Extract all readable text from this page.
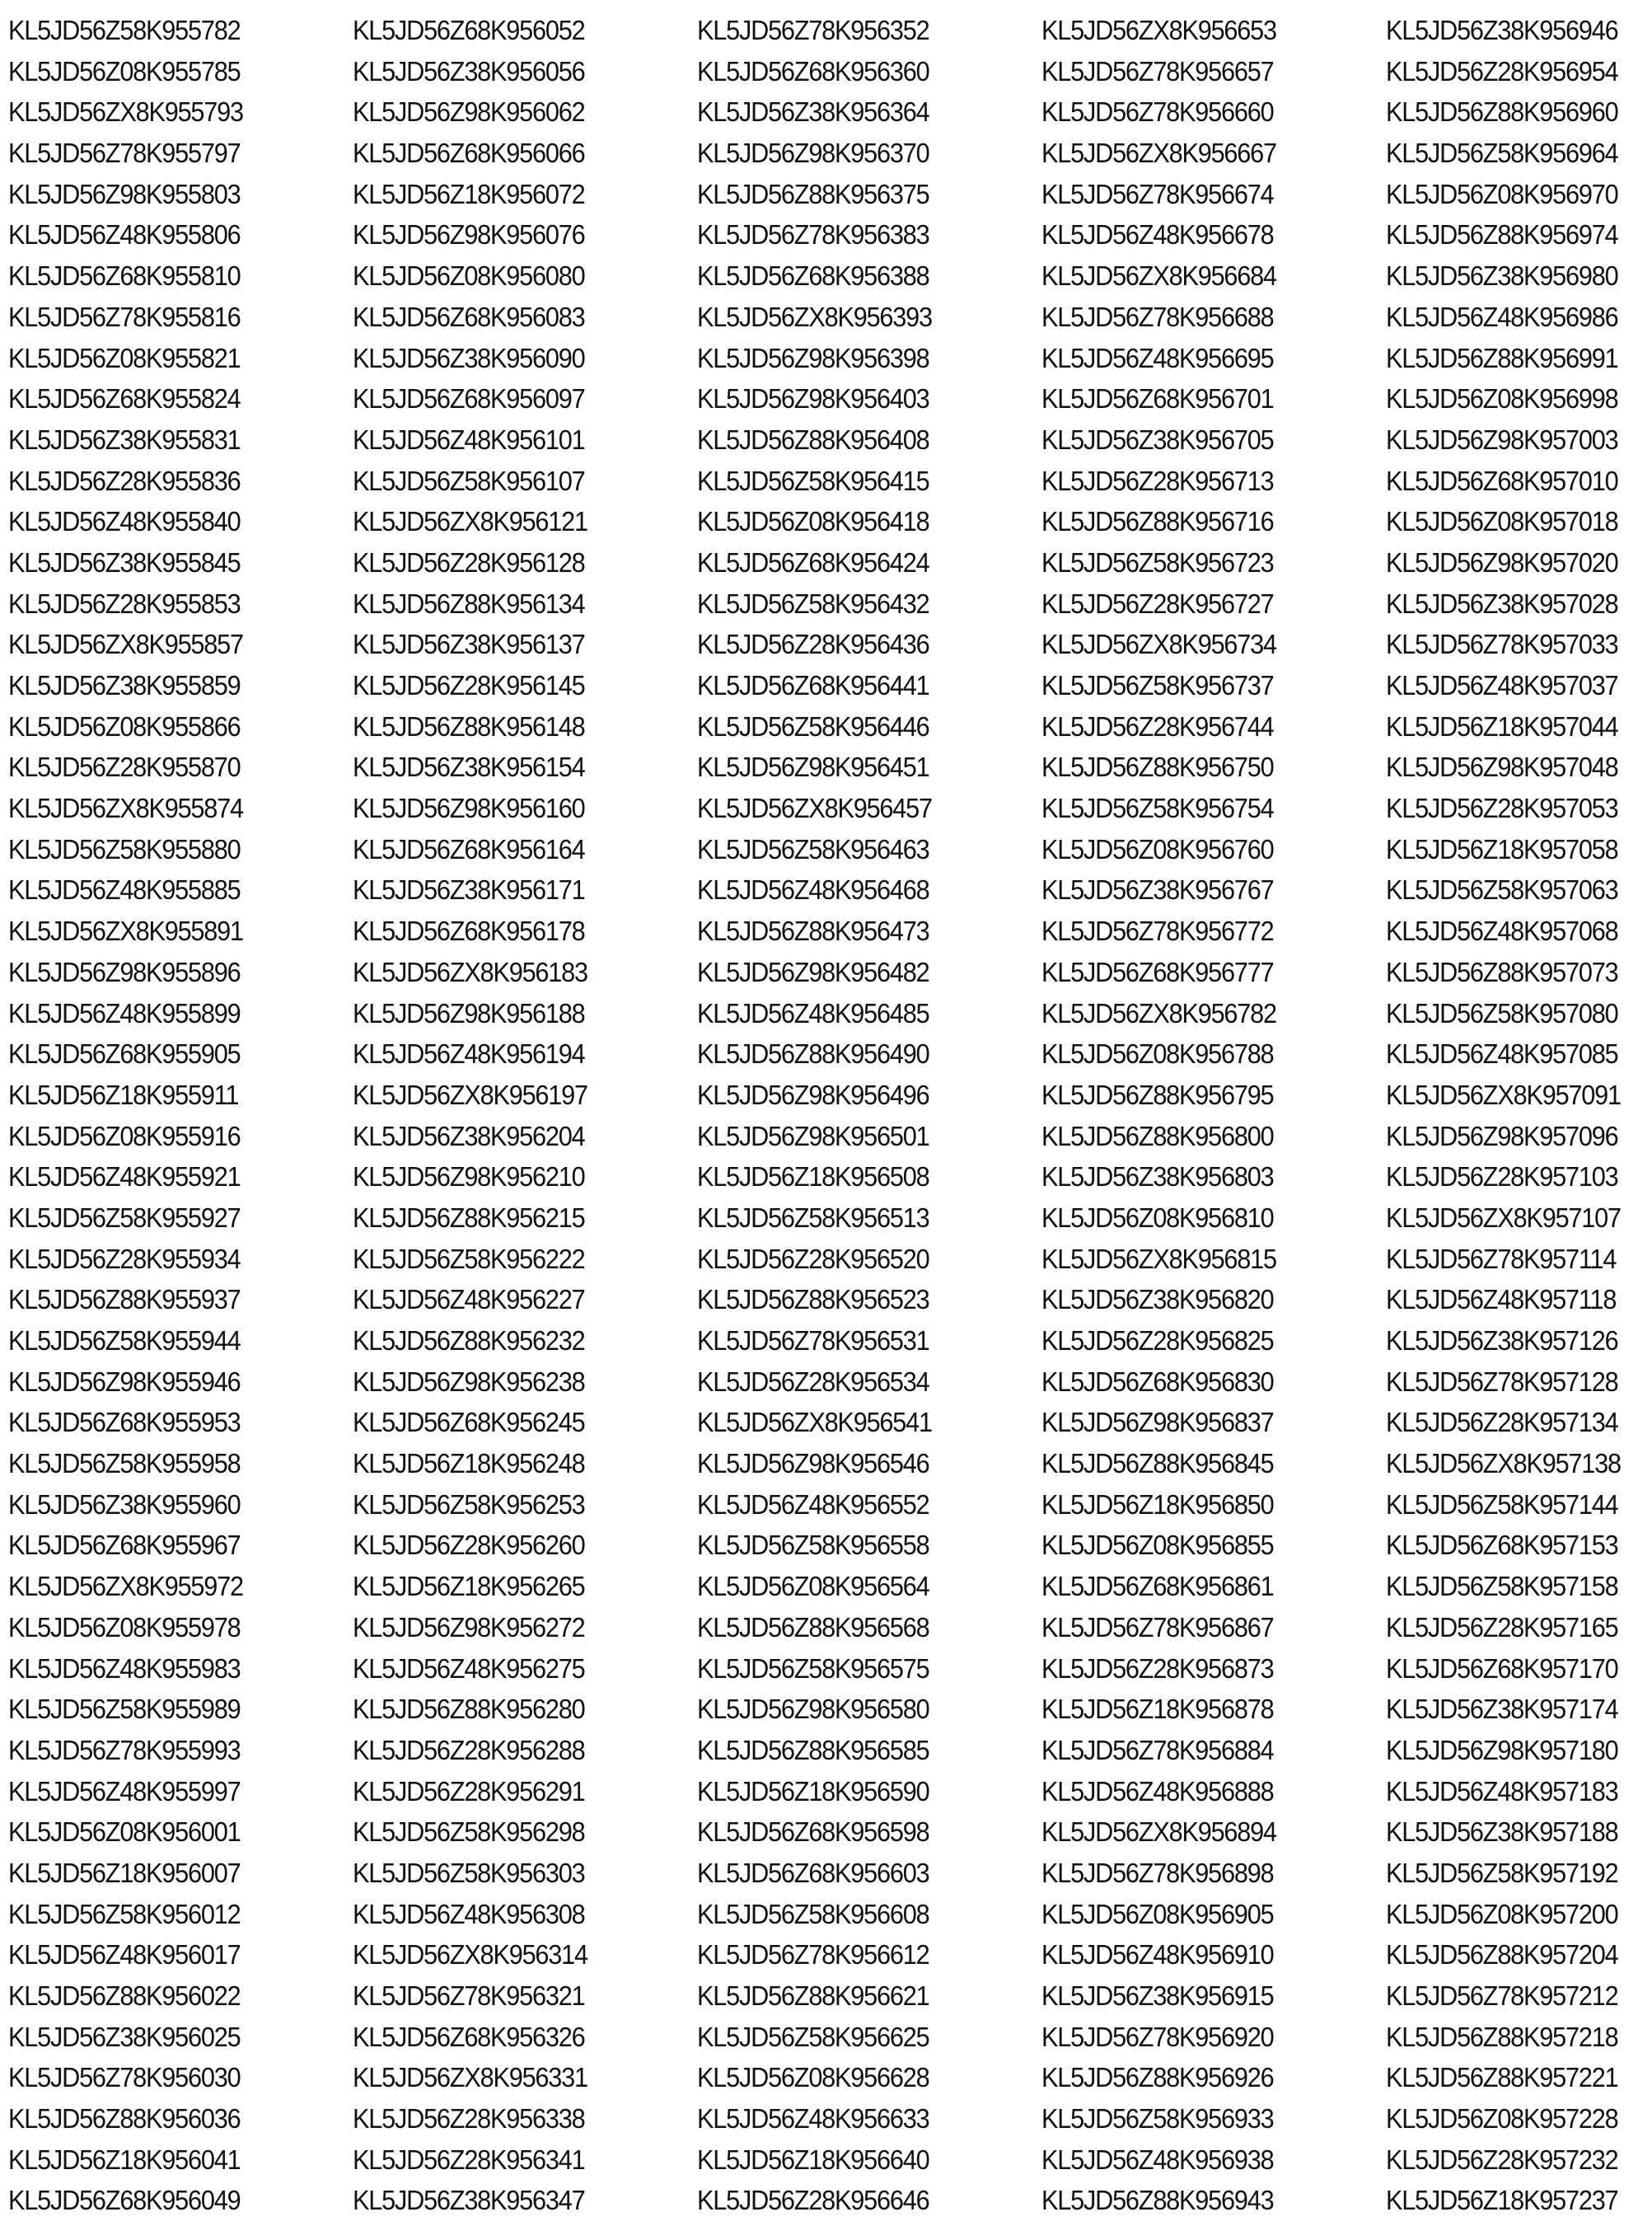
KL5JD56Z58K955782
KL5JD56Z08K955785
KL5JD56ZX8K955793
KL5JD56Z78K955797
KL5JD56Z98K955803
KL5JD56Z48K955806
KL5JD56Z68K955810
KL5JD56Z78K955816
KL5JD56Z08K955821
KL5JD56Z68K955824
KL5JD56Z38K955831
KL5JD56Z28K955836
KL5JD56Z48K955840
KL5JD56Z38K955845
KL5JD56Z28K955853
KL5JD56ZX8K955857
KL5JD56Z38K955859
KL5JD56Z08K955866
KL5JD56Z28K955870
KL5JD56ZX8K955874
KL5JD56Z58K955880
KL5JD56Z48K955885
KL5JD56ZX8K955891
KL5JD56Z98K955896
KL5JD56Z48K955899
KL5JD56Z68K955905
KL5JD56Z18K955911
KL5JD56Z08K955916
KL5JD56Z48K955921
KL5JD56Z58K955927
KL5JD56Z28K955934
KL5JD56Z88K955937
KL5JD56Z58K955944
KL5JD56Z98K955946
KL5JD56Z68K955953
KL5JD56Z58K955958
KL5JD56Z38K955960
KL5JD56Z68K955967
KL5JD56ZX8K955972
KL5JD56Z08K955978
KL5JD56Z48K955983
KL5JD56Z58K955989
KL5JD56Z78K955993
KL5JD56Z48K955997
KL5JD56Z08K956001
KL5JD56Z18K956007
KL5JD56Z58K956012
KL5JD56Z48K956017
KL5JD56Z88K956022
KL5JD56Z38K956025
KL5JD56Z78K956030
KL5JD56Z88K956036
KL5JD56Z18K956041
KL5JD56Z68K956049
KL5JD56Z68K956052
KL5JD56Z38K956056
KL5JD56Z98K956062
KL5JD56Z68K956066
KL5JD56Z18K956072
KL5JD56Z98K956076
KL5JD56Z08K956080
KL5JD56Z68K956083
KL5JD56Z38K956090
KL5JD56Z68K956097
KL5JD56Z48K956101
KL5JD56Z58K956107
KL5JD56ZX8K956121
KL5JD56Z28K956128
KL5JD56Z88K956134
KL5JD56Z38K956137
KL5JD56Z28K956145
KL5JD56Z88K956148
KL5JD56Z38K956154
KL5JD56Z98K956160
KL5JD56Z68K956164
KL5JD56Z38K956171
KL5JD56Z68K956178
KL5JD56ZX8K956183
KL5JD56Z98K956188
KL5JD56Z48K956194
KL5JD56ZX8K956197
KL5JD56Z38K956204
KL5JD56Z98K956210
KL5JD56Z88K956215
KL5JD56Z58K956222
KL5JD56Z48K956227
KL5JD56Z88K956232
KL5JD56Z98K956238
KL5JD56Z68K956245
KL5JD56Z18K956248
KL5JD56Z58K956253
KL5JD56Z28K956260
KL5JD56Z18K956265
KL5JD56Z98K956272
KL5JD56Z48K956275
KL5JD56Z88K956280
KL5JD56Z28K956288
KL5JD56Z28K956291
KL5JD56Z58K956298
KL5JD56Z58K956303
KL5JD56Z48K956308
KL5JD56ZX8K956314
KL5JD56Z78K956321
KL5JD56Z68K956326
KL5JD56ZX8K956331
KL5JD56Z28K956338
KL5JD56Z28K956341
KL5JD56Z38K956347
KL5JD56Z78K956352
KL5JD56Z68K956360
KL5JD56Z38K956364
KL5JD56Z98K956370
KL5JD56Z88K956375
KL5JD56Z78K956383
KL5JD56Z68K956388
KL5JD56ZX8K956393
KL5JD56Z98K956398
KL5JD56Z98K956403
KL5JD56Z88K956408
KL5JD56Z58K956415
KL5JD56Z08K956418
KL5JD56Z68K956424
KL5JD56Z58K956432
KL5JD56Z28K956436
KL5JD56Z68K956441
KL5JD56Z58K956446
KL5JD56Z98K956451
KL5JD56ZX8K956457
KL5JD56Z58K956463
KL5JD56Z48K956468
KL5JD56Z88K956473
KL5JD56Z98K956482
KL5JD56Z48K956485
KL5JD56Z88K956490
KL5JD56Z98K956496
KL5JD56Z98K956501
KL5JD56Z18K956508
KL5JD56Z58K956513
KL5JD56Z28K956520
KL5JD56Z88K956523
KL5JD56Z78K956531
KL5JD56Z28K956534
KL5JD56ZX8K956541
KL5JD56Z98K956546
KL5JD56Z48K956552
KL5JD56Z58K956558
KL5JD56Z08K956564
KL5JD56Z88K956568
KL5JD56Z58K956575
KL5JD56Z98K956580
KL5JD56Z88K956585
KL5JD56Z18K956590
KL5JD56Z68K956598
KL5JD56Z68K956603
KL5JD56Z58K956608
KL5JD56Z78K956612
KL5JD56Z88K956621
KL5JD56Z58K956625
KL5JD56Z08K956628
KL5JD56Z48K956633
KL5JD56Z18K956640
KL5JD56Z28K956646
KL5JD56ZX8K956653
KL5JD56Z78K956657
KL5JD56Z78K956660
KL5JD56ZX8K956667
KL5JD56Z78K956674
KL5JD56Z48K956678
KL5JD56ZX8K956684
KL5JD56Z78K956688
KL5JD56Z48K956695
KL5JD56Z68K956701
KL5JD56Z38K956705
KL5JD56Z28K956713
KL5JD56Z88K956716
KL5JD56Z58K956723
KL5JD56Z28K956727
KL5JD56ZX8K956734
KL5JD56Z58K956737
KL5JD56Z28K956744
KL5JD56Z88K956750
KL5JD56Z58K956754
KL5JD56Z08K956760
KL5JD56Z38K956767
KL5JD56Z78K956772
KL5JD56Z68K956777
KL5JD56ZX8K956782
KL5JD56Z08K956788
KL5JD56Z88K956795
KL5JD56Z88K956800
KL5JD56Z38K956803
KL5JD56Z08K956810
KL5JD56ZX8K956815
KL5JD56Z38K956820
KL5JD56Z28K956825
KL5JD56Z68K956830
KL5JD56Z98K956837
KL5JD56Z88K956845
KL5JD56Z18K956850
KL5JD56Z08K956855
KL5JD56Z68K956861
KL5JD56Z78K956867
KL5JD56Z28K956873
KL5JD56Z18K956878
KL5JD56Z78K956884
KL5JD56Z48K956888
KL5JD56ZX8K956894
KL5JD56Z78K956898
KL5JD56Z08K956905
KL5JD56Z48K956910
KL5JD56Z38K956915
KL5JD56Z78K956920
KL5JD56Z88K956926
KL5JD56Z58K956933
KL5JD56Z48K956938
KL5JD56Z88K956943
KL5JD56Z38K956946
KL5JD56Z28K956954
KL5JD56Z88K956960
KL5JD56Z58K956964
KL5JD56Z08K956970
KL5JD56Z88K956974
KL5JD56Z38K956980
KL5JD56Z48K956986
KL5JD56Z88K956991
KL5JD56Z08K956998
KL5JD56Z98K957003
KL5JD56Z68K957010
KL5JD56Z08K957018
KL5JD56Z98K957020
KL5JD56Z38K957028
KL5JD56Z78K957033
KL5JD56Z48K957037
KL5JD56Z18K957044
KL5JD56Z98K957048
KL5JD56Z28K957053
KL5JD56Z18K957058
KL5JD56Z58K957063
KL5JD56Z48K957068
KL5JD56Z88K957073
KL5JD56Z58K957080
KL5JD56Z48K957085
KL5JD56ZX8K957091
KL5JD56Z98K957096
KL5JD56Z28K957103
KL5JD56ZX8K957107
KL5JD56Z78K957114
KL5JD56Z48K957118
KL5JD56Z38K957126
KL5JD56Z78K957128
KL5JD56Z28K957134
KL5JD56ZX8K957138
KL5JD56Z58K957144
KL5JD56Z68K957153
KL5JD56Z58K957158
KL5JD56Z28K957165
KL5JD56Z68K957170
KL5JD56Z38K957174
KL5JD56Z98K957180
KL5JD56Z48K957183
KL5JD56Z38K957188
KL5JD56Z58K957192
KL5JD56Z08K957200
KL5JD56Z88K957204
KL5JD56Z78K957212
KL5JD56Z88K957218
KL5JD56Z88K957221
KL5JD56Z08K957228
KL5JD56Z28K957232
KL5JD56Z18K957237
